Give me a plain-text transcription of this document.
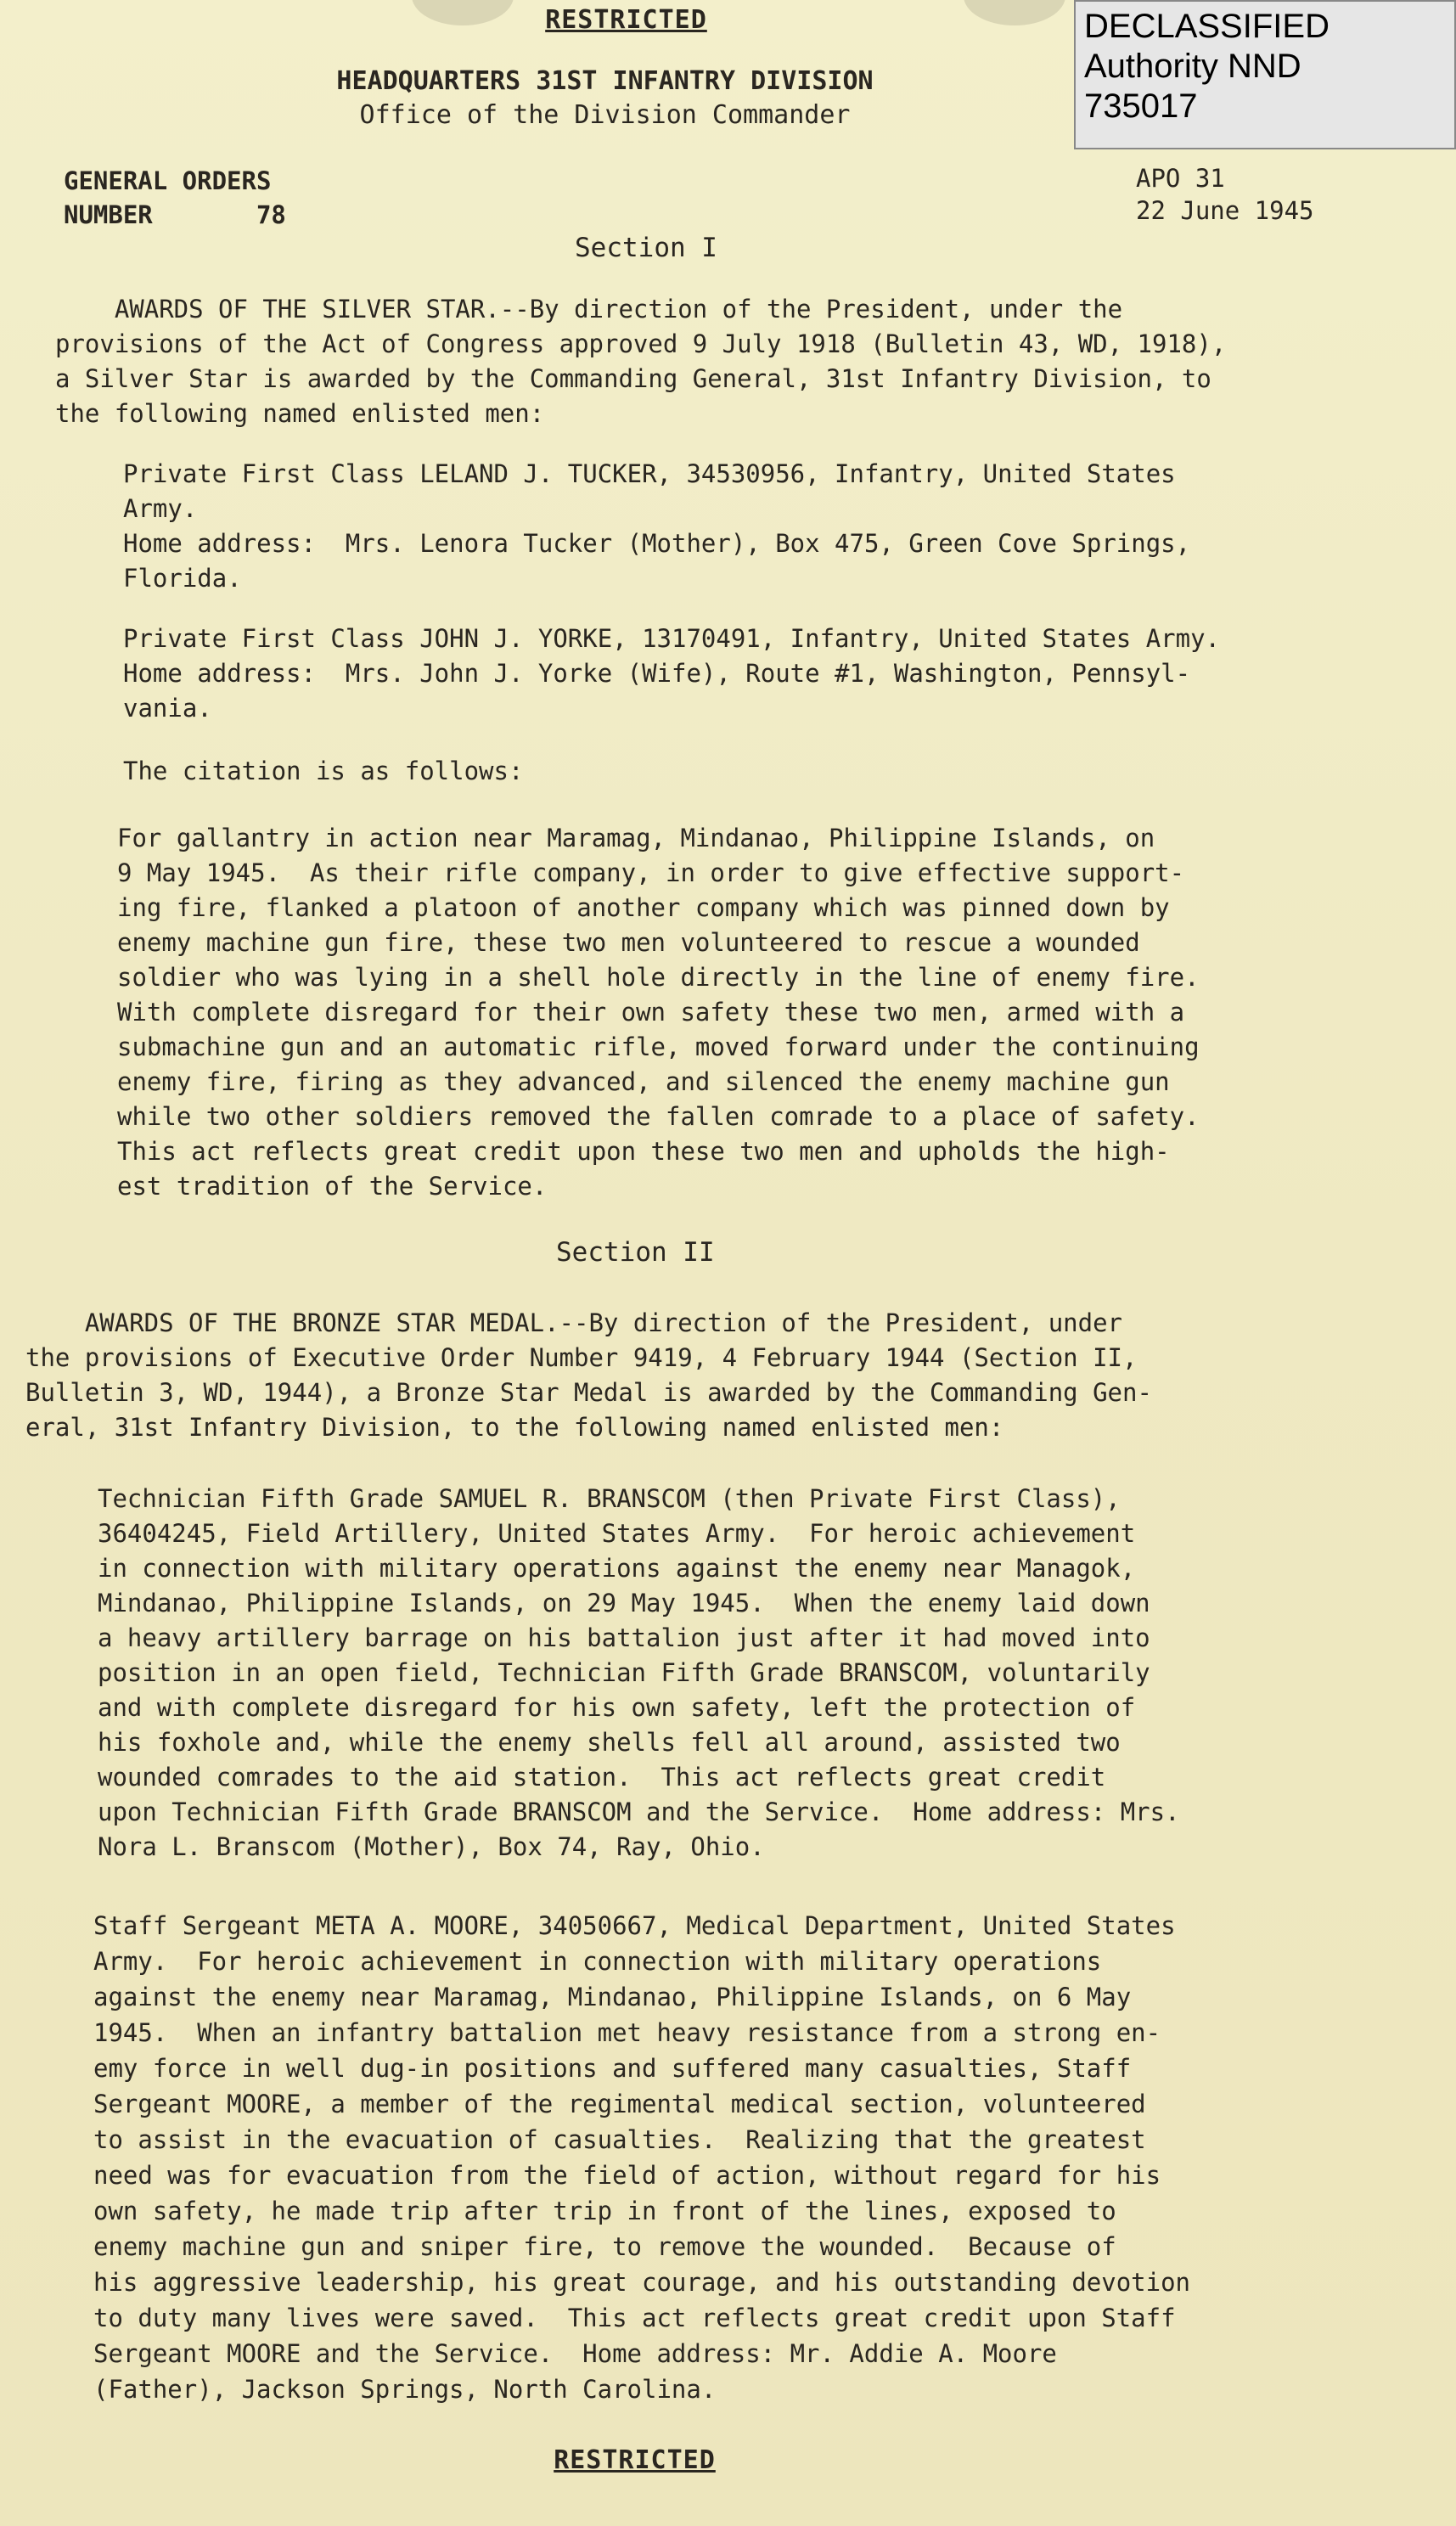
DECLASSIFIED
Authority NND
735017
RESTRICTED
HEADQUARTERS 31ST INFANTRY DIVISION
Office of the Division Commander
GENERAL ORDERS
NUMBER       78
APO 31
22 June 1945
Section I
AWARDS OF THE SILVER STAR.--By direction of the President, under the
provisions of the Act of Congress approved 9 July 1918 (Bulletin 43, WD, 1918),
a Silver Star is awarded by the Commanding General, 31st Infantry Division, to
the following named enlisted men:
Private First Class LELAND J. TUCKER, 34530956, Infantry, United States
Army.
Home address:  Mrs. Lenora Tucker (Mother), Box 475, Green Cove Springs,
Florida.
Private First Class JOHN J. YORKE, 13170491, Infantry, United States Army.
Home address:  Mrs. John J. Yorke (Wife), Route #1, Washington, Pennsyl-
vania.
The citation is as follows:
For gallantry in action near Maramag, Mindanao, Philippine Islands, on
9 May 1945.  As their rifle company, in order to give effective support-
ing fire, flanked a platoon of another company which was pinned down by
enemy machine gun fire, these two men volunteered to rescue a wounded
soldier who was lying in a shell hole directly in the line of enemy fire.
With complete disregard for their own safety these two men, armed with a
submachine gun and an automatic rifle, moved forward under the continuing
enemy fire, firing as they advanced, and silenced the enemy machine gun
while two other soldiers removed the fallen comrade to a place of safety.
This act reflects great credit upon these two men and upholds the high-
est tradition of the Service.
Section II
AWARDS OF THE BRONZE STAR MEDAL.--By direction of the President, under
the provisions of Executive Order Number 9419, 4 February 1944 (Section II,
Bulletin 3, WD, 1944), a Bronze Star Medal is awarded by the Commanding Gen-
eral, 31st Infantry Division, to the following named enlisted men:
Technician Fifth Grade SAMUEL R. BRANSCOM (then Private First Class),
36404245, Field Artillery, United States Army.  For heroic achievement
in connection with military operations against the enemy near Managok,
Mindanao, Philippine Islands, on 29 May 1945.  When the enemy laid down
a heavy artillery barrage on his battalion just after it had moved into
position in an open field, Technician Fifth Grade BRANSCOM, voluntarily
and with complete disregard for his own safety, left the protection of
his foxhole and, while the enemy shells fell all around, assisted two
wounded comrades to the aid station.  This act reflects great credit
upon Technician Fifth Grade BRANSCOM and the Service.  Home address: Mrs.
Nora L. Branscom (Mother), Box 74, Ray, Ohio.
Staff Sergeant META A. MOORE, 34050667, Medical Department, United States
Army.  For heroic achievement in connection with military operations
against the enemy near Maramag, Mindanao, Philippine Islands, on 6 May
1945.  When an infantry battalion met heavy resistance from a strong en-
emy force in well dug-in positions and suffered many casualties, Staff
Sergeant MOORE, a member of the regimental medical section, volunteered
to assist in the evacuation of casualties.  Realizing that the greatest
need was for evacuation from the field of action, without regard for his
own safety, he made trip after trip in front of the lines, exposed to
enemy machine gun and sniper fire, to remove the wounded.  Because of
his aggressive leadership, his great courage, and his outstanding devotion
to duty many lives were saved.  This act reflects great credit upon Staff
Sergeant MOORE and the Service.  Home address: Mr. Addie A. Moore
(Father), Jackson Springs, North Carolina.
RESTRICTED
